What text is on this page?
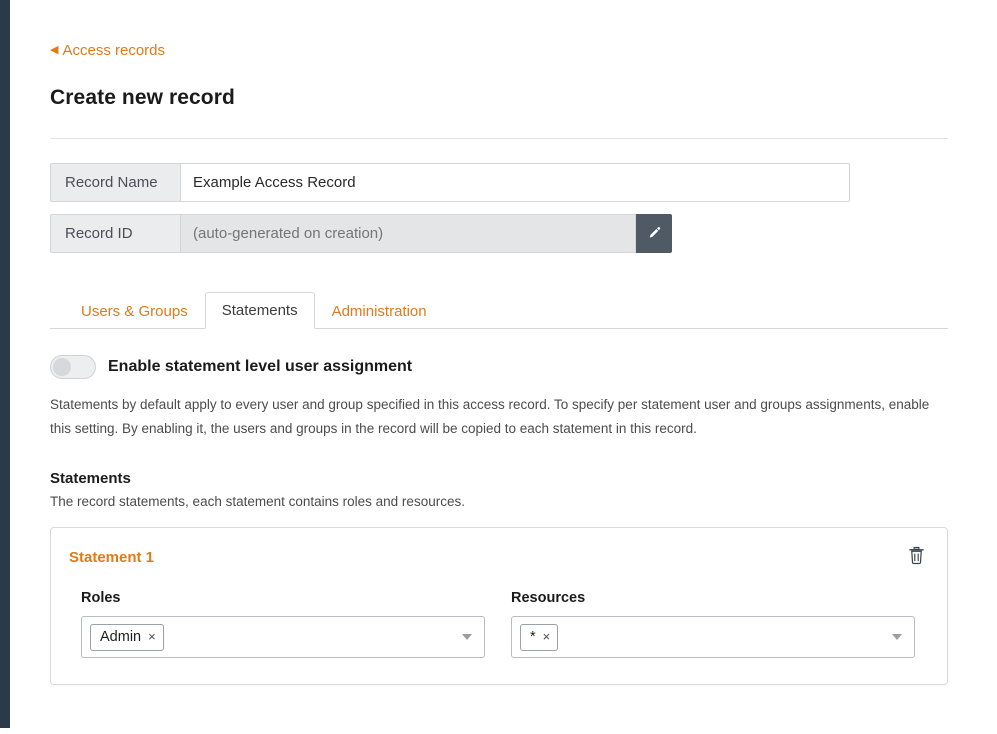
◀ Access records
Create new record
Record Name
Example Access Record
Record ID
(auto-generated on creation)
Users & Groups	Statements	Administration
Enable statement level user assignment
Statements by default apply to every user and group specified in this access record. To specify per statement user and groups assignments, enable this setting. By enabling it, the users and groups in the record will be copied to each statement in this record.
Statements
The record statements, each statement contains roles and resources.
Statement 1
Roles
Admin ×
Resources
* ×
